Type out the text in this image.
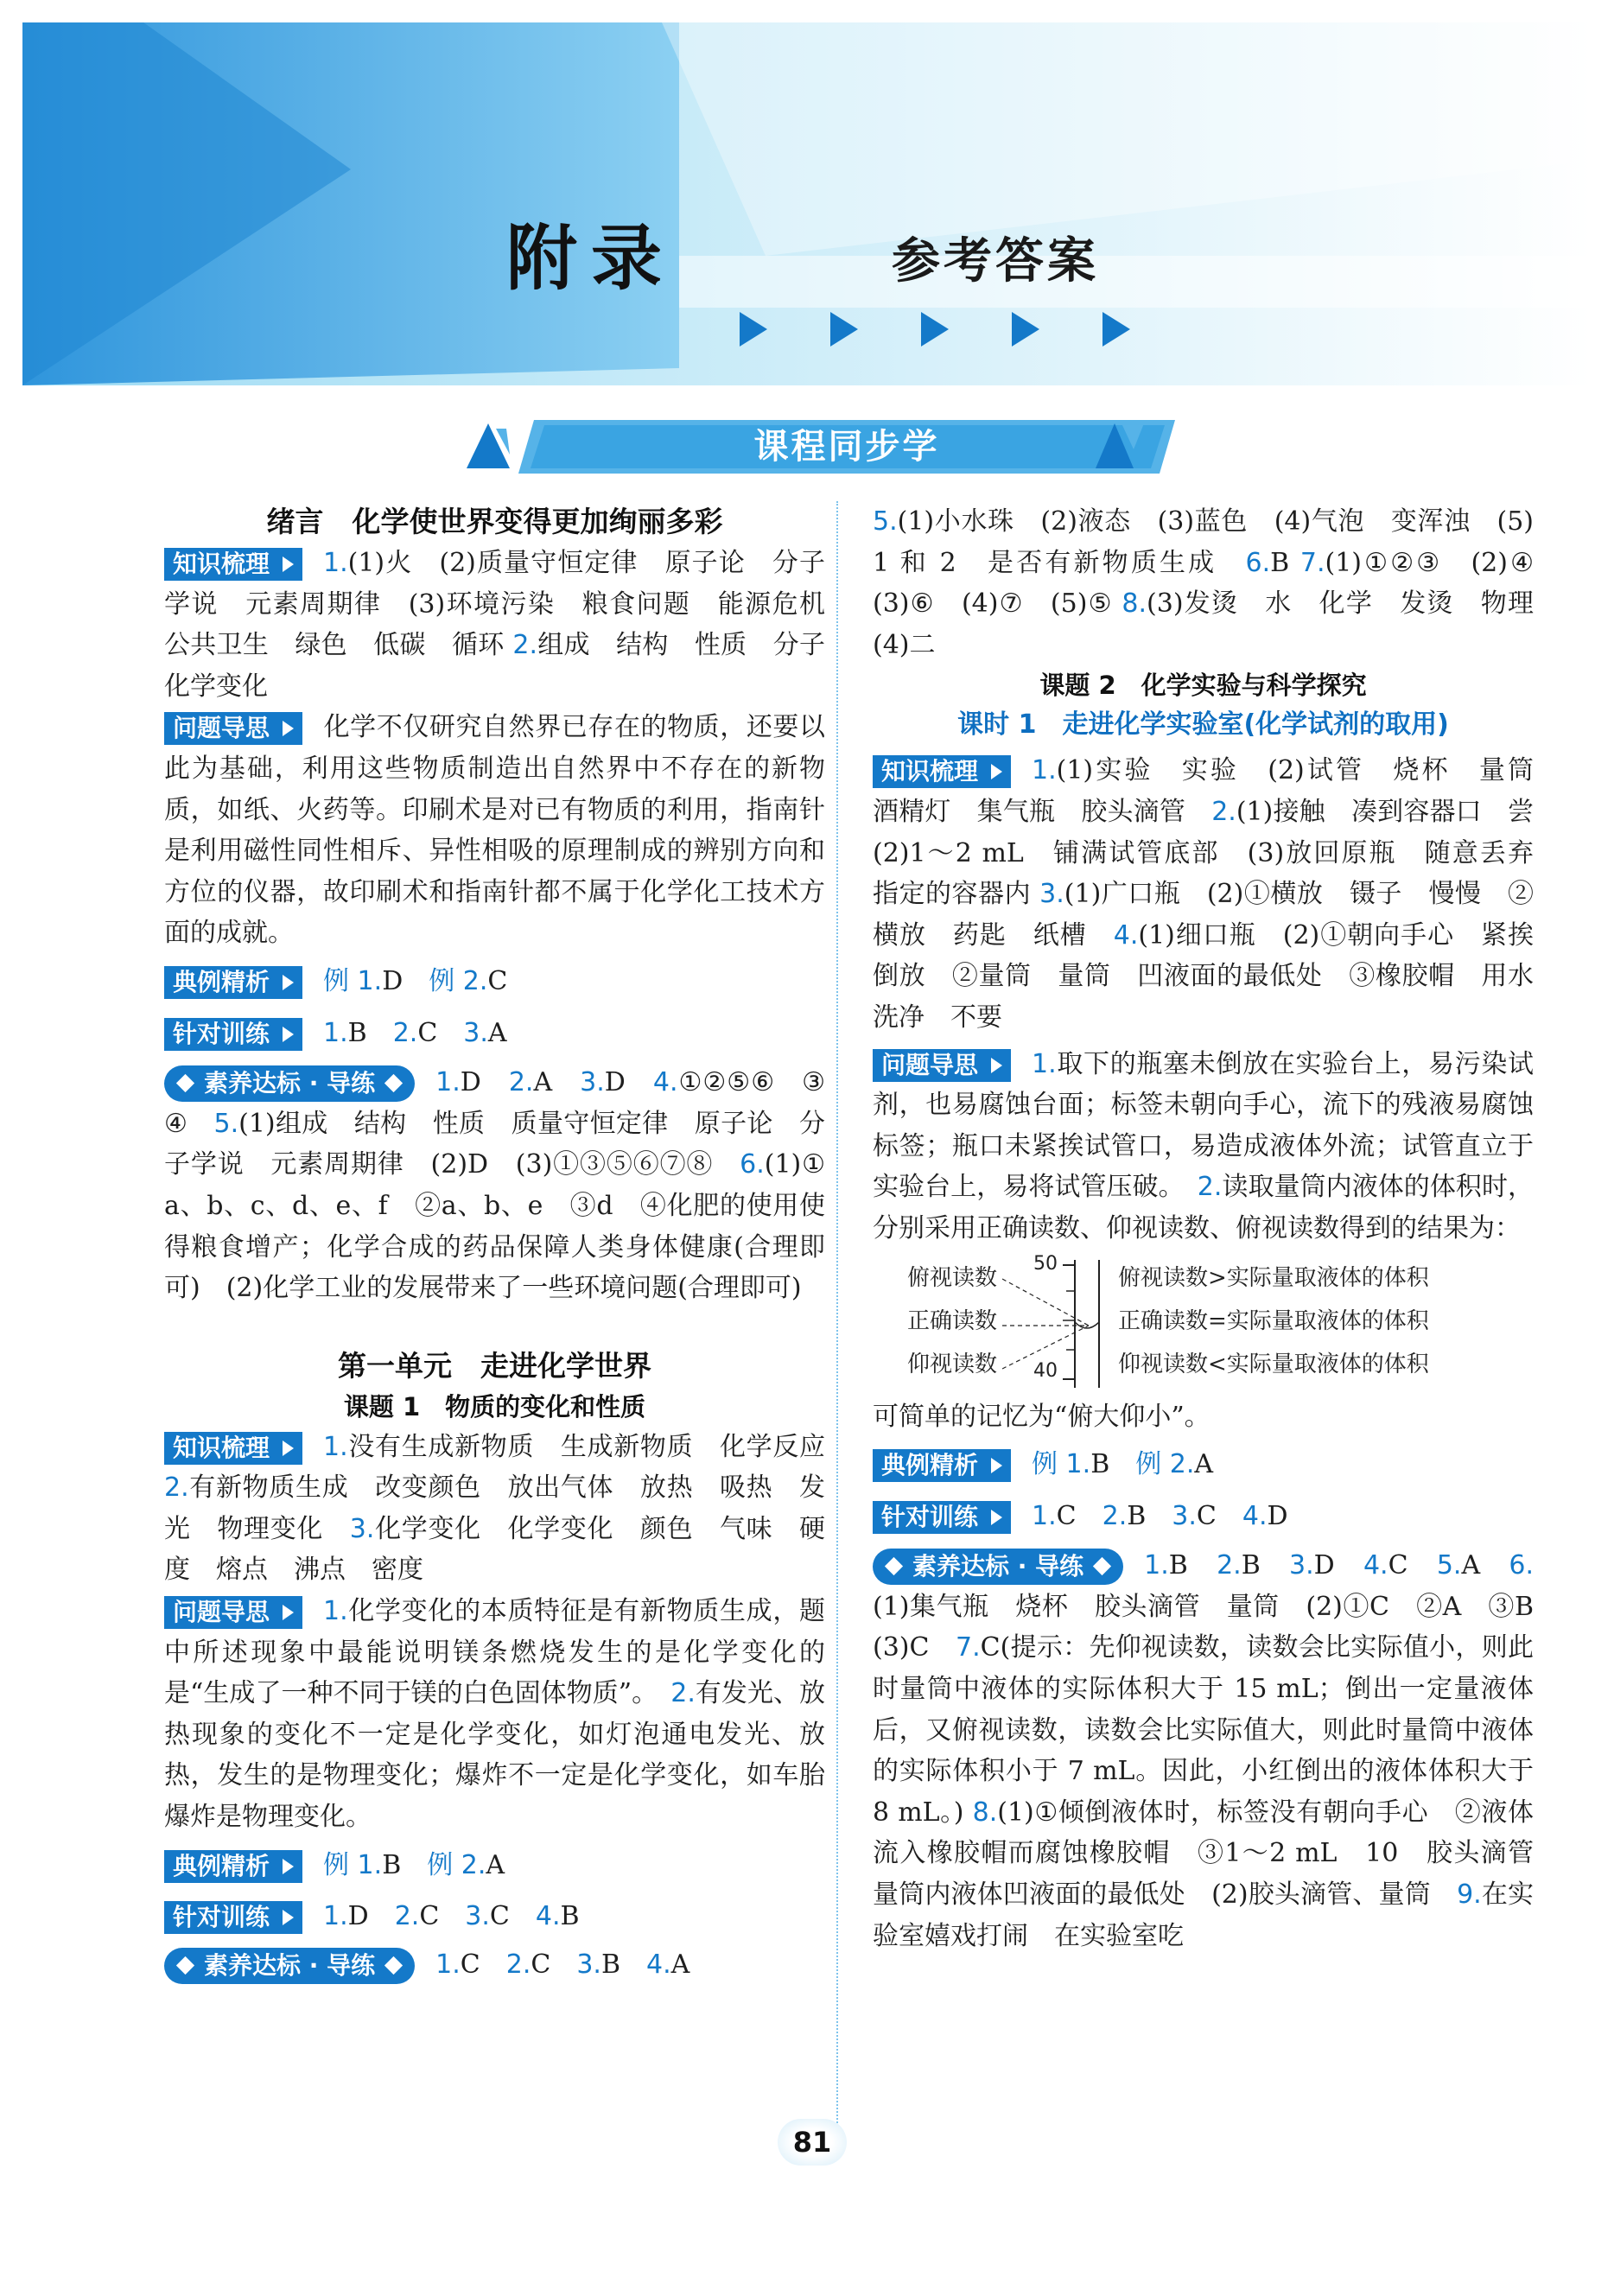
附录	参考答案
课程同步学
绪言　化学使世界变得更加绚丽多彩
知识梳理 1.(1)火　(2)质量守恒定律　原子论　分子学说　元素周期律　(3)环境污染　粮食问题　能源危机　公共卫生　绿色　低碳　循环 2.组成　结构　性质　分子　化学变化
问题导思 化学不仅研究自然界已存在的物质，还要以此为基础，利用这些物质制造出自然界中不存在的新物质，如纸、火药等。印刷术是对已有物质的利用，指南针是利用磁性同性相斥、异性相吸的原理制成的辨别方向和方位的仪器，故印刷术和指南针都不属于化学化工技术方面的成就。
典例精析 例 1.D　 例 2.C
针对训练 1.B　 2.C　 3.A
素养达标 · 导练 1.D　 2.A　 3.D　 4.①②⑤⑥　③④　 5.(1)组成　结构　性质　质量守恒定律　原子论　分子学说　元素周期律　(2)D　(3)①③⑤⑥⑦⑧　 6.(1)①a、b、c、d、e、f　②a、b、e　③d　④化肥的使用使得粮食增产；化学合成的药品保障人类身体健康(合理即可)　(2)化学工业的发展带来了一些环境问题(合理即可)
第一单元　走进化学世界
课题 1　物质的变化和性质
知识梳理 1.没有生成新物质　生成新物质　化学反应　2.有新物质生成　改变颜色　放出气体　放热　吸热　发光　物理变化　 3.化学变化　化学变化　颜色　气味　硬度　熔点　沸点　密度
问题导思 1.化学变化的本质特征是有新物质生成，题中所述现象中最能说明镁条燃烧发生的是化学变化的是“生成了一种不同于镁的白色固体物质”。　 2.有发光、放热现象的变化不一定是化学变化，如灯泡通电发光、放热，发生的是物理变化；爆炸不一定是化学变化，如车胎爆炸是物理变化。
典例精析 例 1.B　 例 2.A
针对训练 1.D　 2.C　 3.C　 4.B
素养达标 · 导练 1.C　 2.C　 3.B　 4.A
5.(1)小水珠　(2)液态　(3)蓝色　(4)气泡　变浑浊　(5)1 和 2　是否有新物质生成　 6.B 7.(1)①②③　(2)④　(3)⑥　(4)⑦　(5)⑤ 8.(3)发烫　水　化学　发烫　物理　(4)二
课题 2　化学实验与科学探究
课时 1　走进化学实验室(化学试剂的取用)
知识梳理 1.(1)实验　实验　(2)试管　烧杯　量筒　酒精灯　集气瓶　胶头滴管　 2.(1)接触　凑到容器口　尝　(2)1～2 mL　铺满试管底部　(3)放回原瓶　随意丢弃　指定的容器内 3.(1)广口瓶　(2)①横放　镊子　慢慢　②横放　药匙　纸槽　 4.(1)细口瓶　(2)①朝向手心　紧挨　倒放　②量筒　量筒　凹液面的最低处　③橡胶帽　用水洗净　不要
问题导思 1.取下的瓶塞未倒放在实验台上，易污染试剂，也易腐蚀台面；标签未朝向手心，流下的残液易腐蚀标签；瓶口未紧挨试管口，易造成液体外流；试管直立于实验台上，易将试管压破。　 2.读取量筒内液体的体积时，分别采用正确读数、仰视读数、俯视读数得到的结果为：
俯视读数
正确读数
仰视读数
50
40
俯视读数>实际量取液体的体积
正确读数=实际量取液体的体积
仰视读数<实际量取液体的体积
可简单的记忆为“俯大仰小”。
典例精析 例 1.B　 例 2.A
针对训练 1.C　 2.B　 3.C　 4.D
素养达标 · 导练 1.B　 2.B　 3.D　 4.C　 5.A　 6.(1)集气瓶　烧杯　胶头滴管　量筒　(2)①C　②A　③B　(3)C　 7.C(提示：先仰视读数，读数会比实际值小，则此时量筒中液体的实际体积大于 15 mL；倒出一定量液体后，又俯视读数，读数会比实际值大，则此时量筒中液体的实际体积小于 7 mL。因此，小红倒出的液体体积大于 8 mL。) 8.(1)①倾倒液体时，标签没有朝向手心　②液体流入橡胶帽而腐蚀橡胶帽　③1～2 mL　10　胶头滴管　量筒内液体凹液面的最低处　(2)胶头滴管、量筒　 9.在实验室嬉戏打闹　在实验室吃
81
